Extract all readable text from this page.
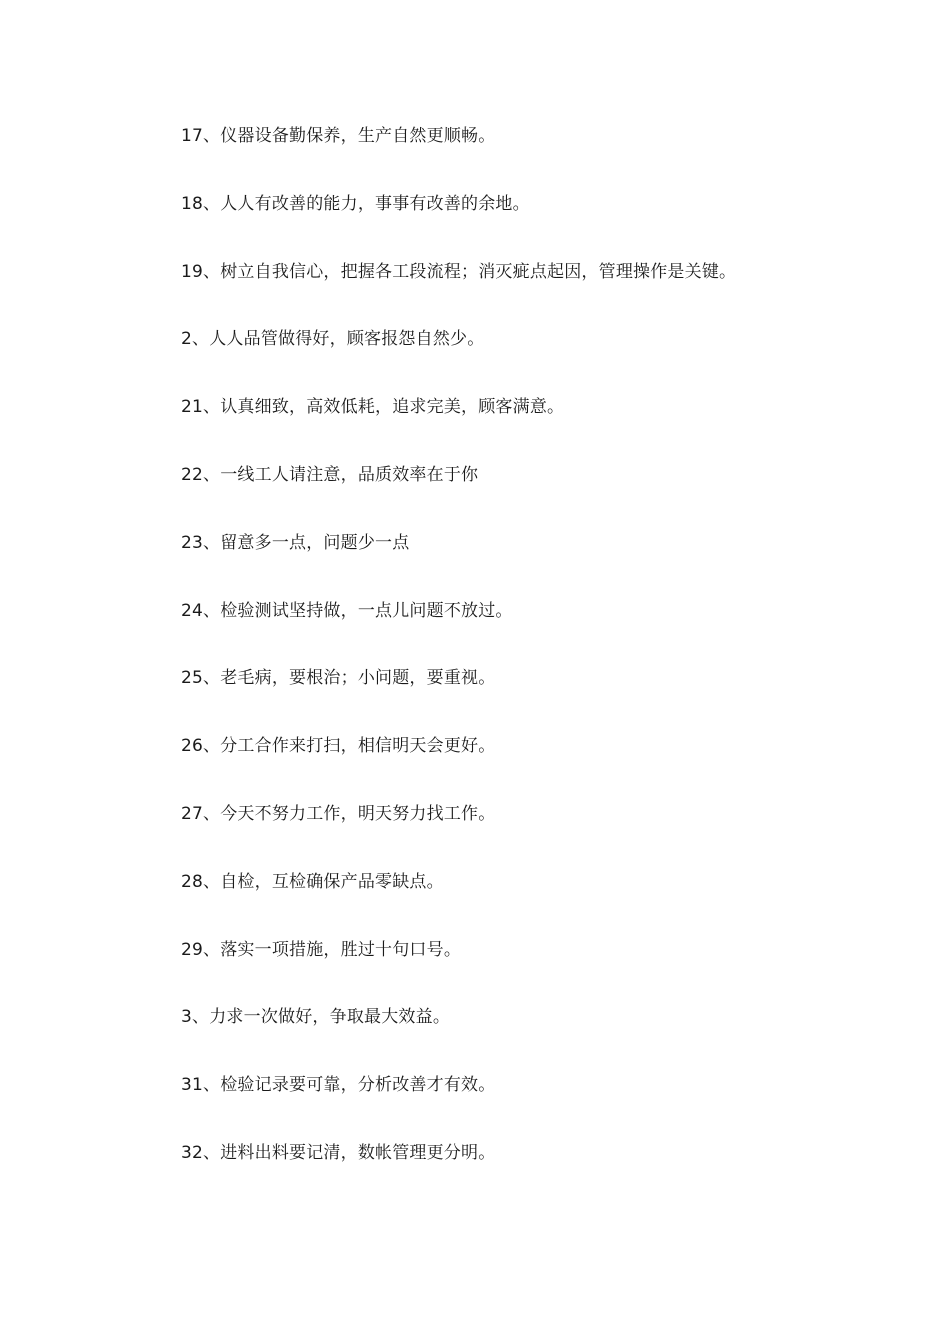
17、仪器设备勤保养，生产自然更顺畅。
18、人人有改善的能力，事事有改善的余地。
19、树立自我信心，把握各工段流程；消灭疵点起因，管理操作是关键。
2、人人品管做得好，顾客报怨自然少。
21、认真细致，高效低耗，追求完美，顾客满意。
22、一线工人请注意，品质效率在于你
23、留意多一点，问题少一点
24、检验测试坚持做，一点儿问题不放过。
25、老毛病，要根治；小问题，要重视。
26、分工合作来打扫，相信明天会更好。
27、今天不努力工作，明天努力找工作。
28、自检，互检确保产品零缺点。
29、落实一项措施，胜过十句口号。
3、力求一次做好，争取最大效益。
31、检验记录要可靠，分析改善才有效。
32、进料出料要记清，数帐管理更分明。
